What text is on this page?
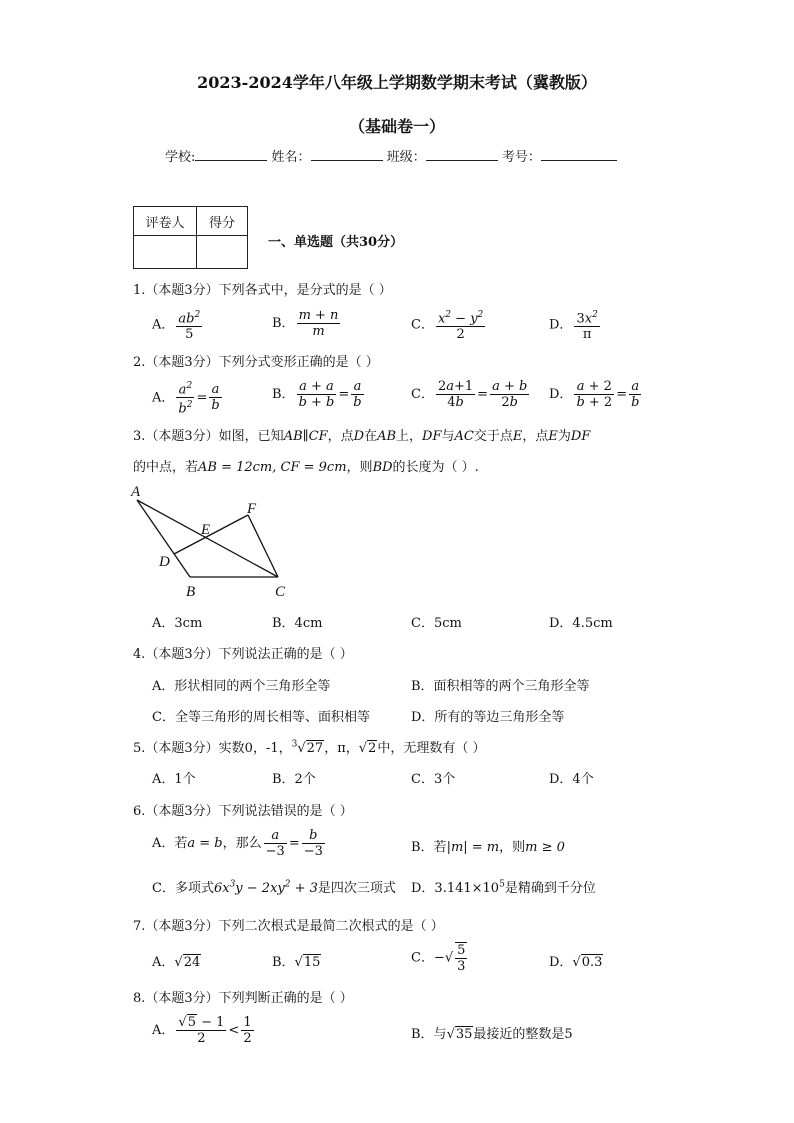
2023-2024学年八年级上学期数学期末考试（冀教版）
（基础卷一）
学校:	姓名：	班级：	考号：
评卷人	得分

一、单选题（共30分）
1.（本题3分）下列各式中，是分式的是（ ）
A． $\frac{ab^2}{5}$	B． $\frac{m + n}{m}$	C． $\frac{x^2 - y^2}{2}$	D． $\frac{3x^2}{\pi}$
2.（本题3分）下列分式变形正确的是（ ）
A． $\frac{a^2}{b^2} = \frac{a}{b}$	B． $\frac{a + a}{b + b} = \frac{a}{b}$	C． $\frac{2a+1}{4b} = \frac{a + b}{2b}$ D． $\frac{a + 2}{b + 2} = \frac{a}{b}$
3.（本题3分）如图，已知AB∥CF，点D在AB上，DF与AC交于点E，点E为DF
的中点，若AB = 12cm, CF = 9cm，则BD的长度为（ ）.
A
B	C
D
E
F
A．3cm	B．4cm	C．5cm	D．4.5cm
4.（本题3分）下列说法正确的是（ ）
A．形状相同的两个三角形全等	B．面积相等的两个三角形全等
C．全等三角形的周长相等、面积相等	D．所有的等边三角形全等
5.（本题3分）实数0，-1，$^3$√27，π，√2中，无理数有（ ）
A．1个	B．2个	C．3个	D．4个
6.（本题3分）下列说法错误的是（ ）
A．若a = b，那么 $\frac{a}{-3} = \frac{b}{-3}$	B．若|m| = m，则m ≥ 0
C．多项式$6x^3y - 2xy^2 + 3$是四次三项式 D．$3.141\times 10^5$是精确到千分位
7.（本题3分）下列二次根式是最简二次根式的是（ ）
A．√24	B．√15	C．−√ $\frac{5}{3}$	D．√0.3
8.（本题3分）下列判断正确的是（ ）
A． $\frac{√5 - 1}{2} < \frac{1}{2}$	B．与√35最接近的整数是5
